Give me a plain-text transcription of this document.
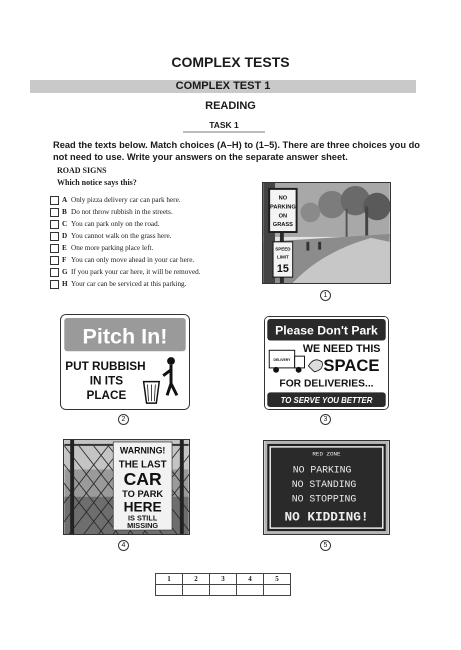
COMPLEX TESTS
COMPLEX TEST 1
READING
TASK 1
Read the texts below. Match choices (A–H) to (1–5). There are three choices you do not need to use. Write your answers on the separate answer sheet.
ROAD SIGNS
Which notice says this?
A Only pizza delivery car can park here.
B Do not throw rubbish in the streets.
C You can park only on the road.
D You cannot walk on the grass here.
E One more parking place left.
F You can only move ahead in your car here.
G If you park your car here, it will be removed.
H Your car can be serviced at this parking.
NO
PARKING
ON
GRASS
SPEED
LIMIT
15
1
Pitch In!
PUT RUBBISH
IN ITS
PLACE
2
Please Don't Park
DELIVERY
WE NEED THIS
SPACE
FOR DELIVERIES...
TO SERVE YOU BETTER
3
WARNING!
THE LAST
CAR
TO PARK
HERE
IS STILL
MISSING
4
RED ZONE
NO PARKING
NO STANDING
NO STOPPING
NO KIDDING!
5
1	2	3	4	5
